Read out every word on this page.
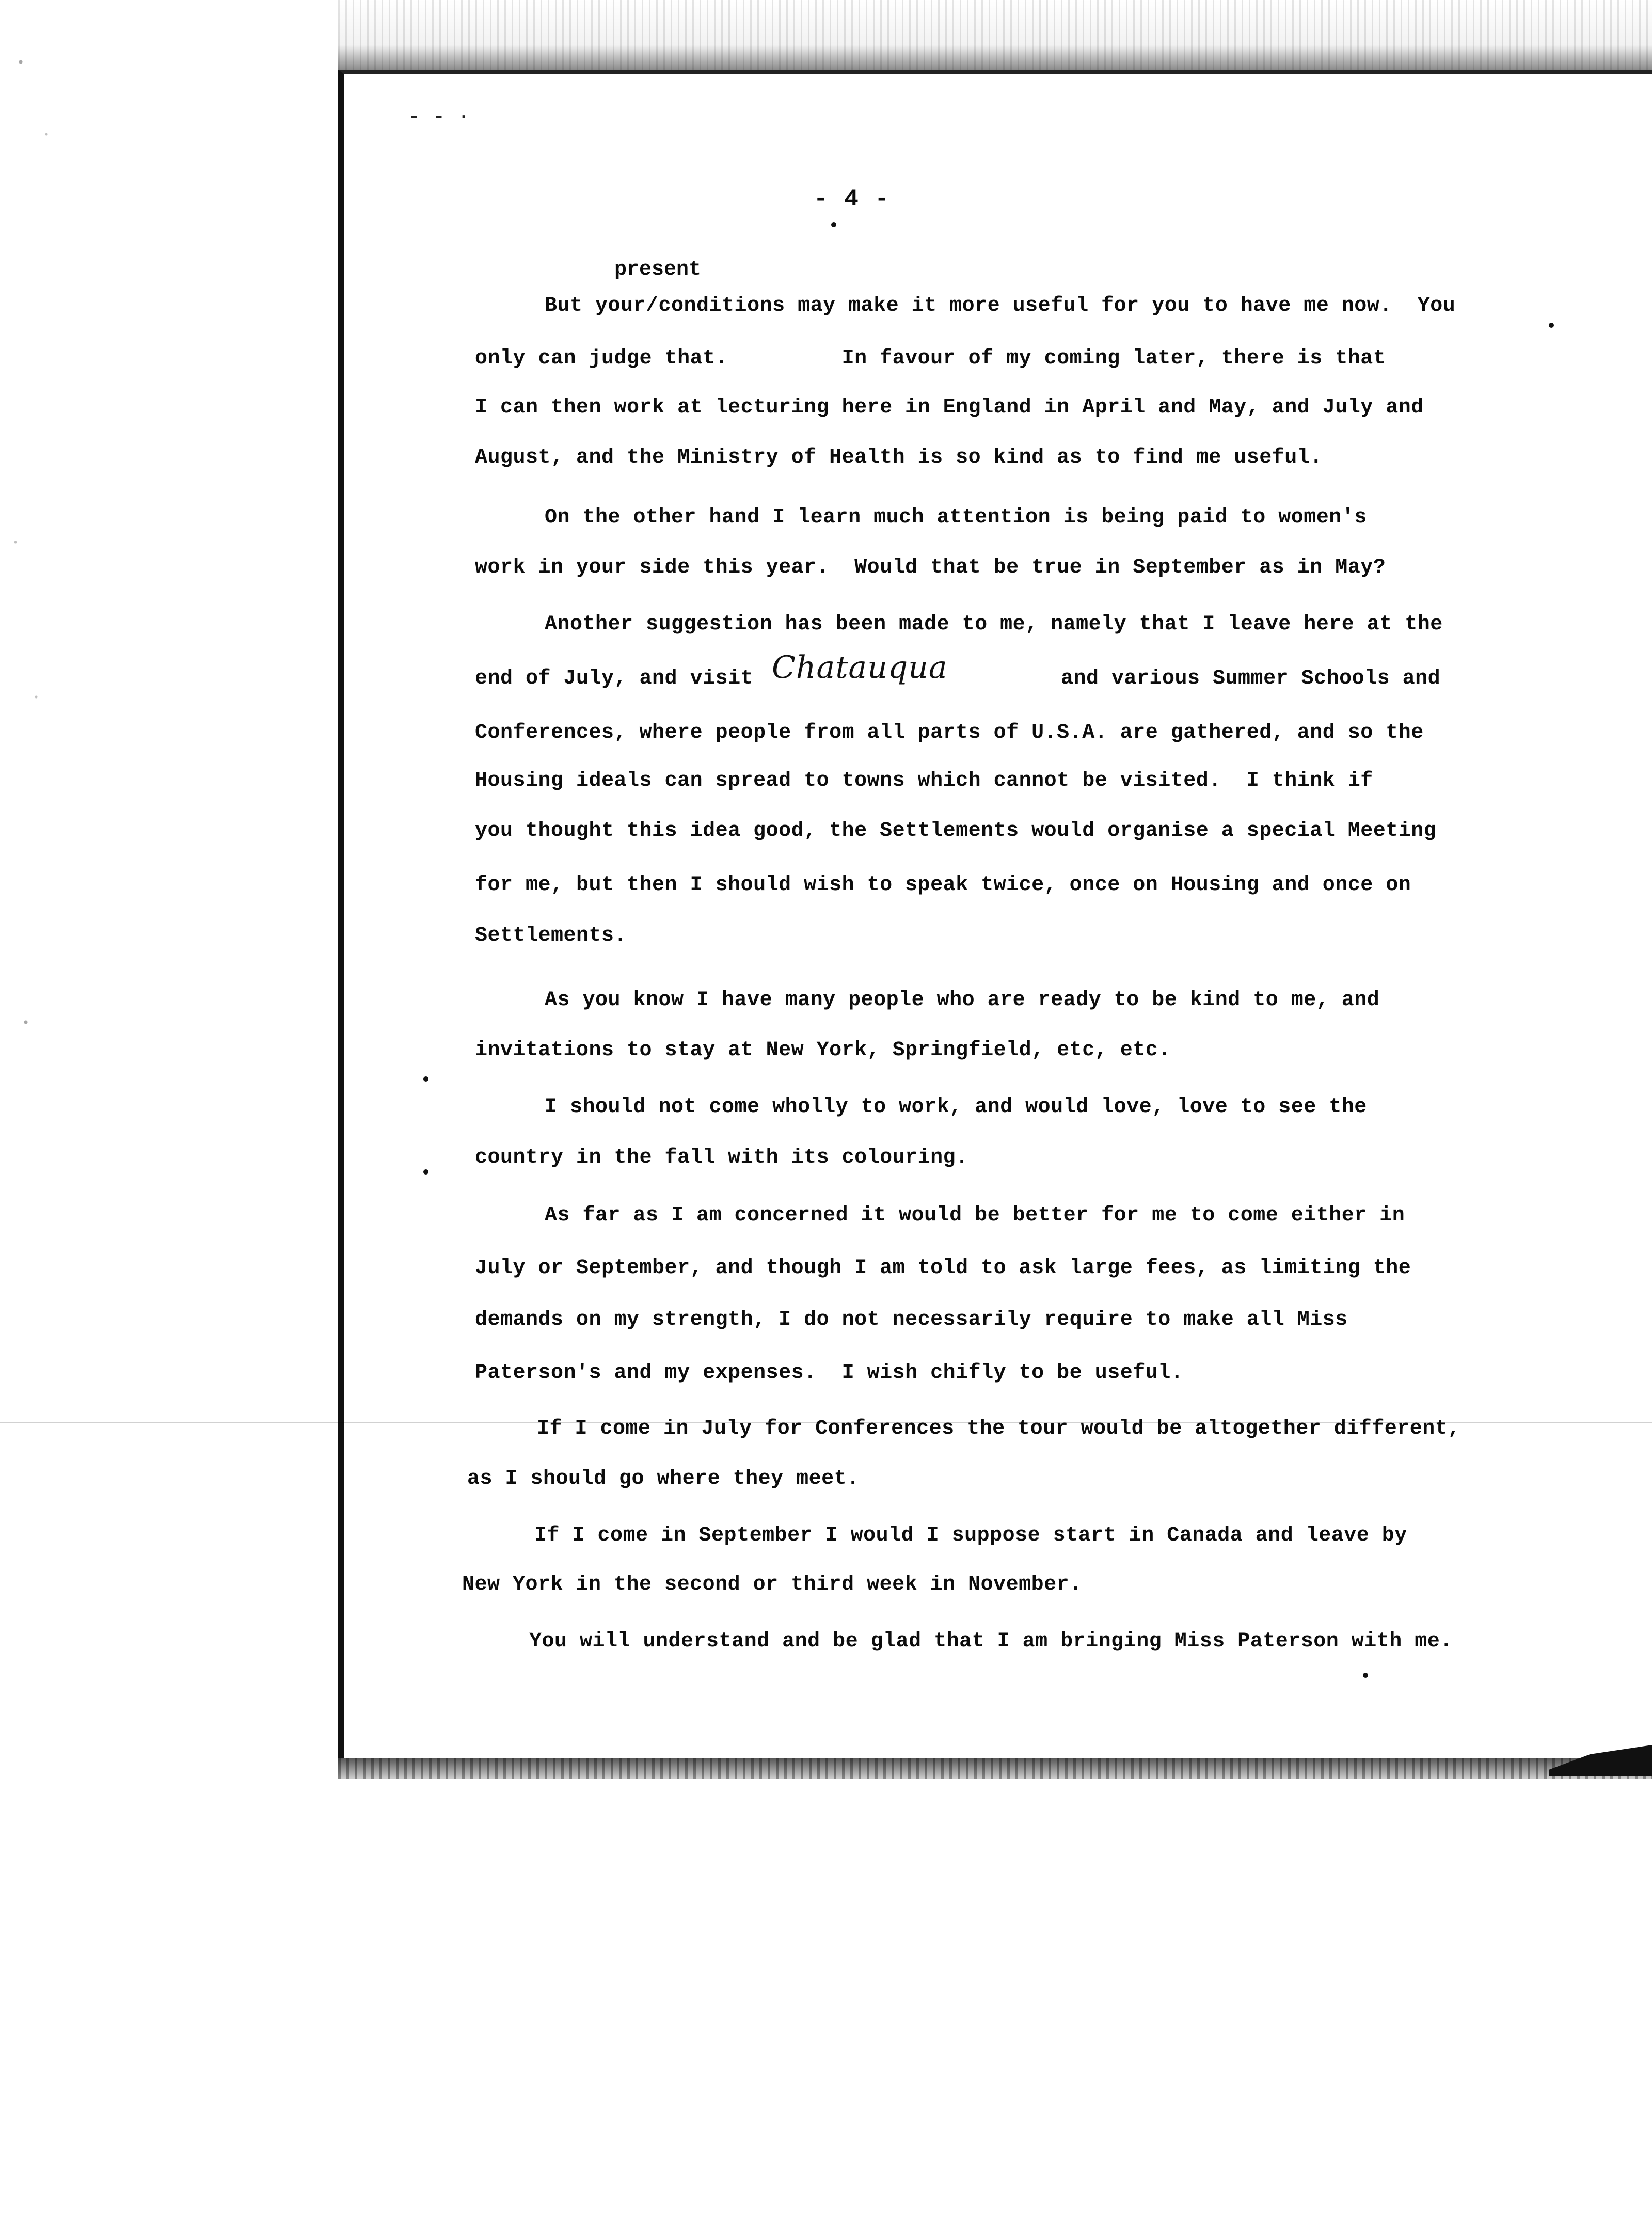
- - ·
- 4 -
present
But your/conditions may make it more useful for you to have me now.  You
only can judge that.         In favour of my coming later, there is that
I can then work at lecturing here in England in April and May, and July and
August, and the Ministry of Health is so kind as to find me useful.
On the other hand I learn much attention is being paid to women's
work in your side this year.  Would that be true in September as in May?
Another suggestion has been made to me, namely that I leave here at the
end of July, and visit Chatauqua	and various Summer Schools and
Conferences, where people from all parts of U.S.A. are gathered, and so the
Housing ideals can spread to towns which cannot be visited.  I think if
you thought this idea good, the Settlements would organise a special Meeting
for me, but then I should wish to speak twice, once on Housing and once on
Settlements.
As you know I have many people who are ready to be kind to me, and
invitations to stay at New York, Springfield, etc, etc.
I should not come wholly to work, and would love, love to see the
country in the fall with its colouring.
As far as I am concerned it would be better for me to come either in
July or September, and though I am told to ask large fees, as limiting the
demands on my strength, I do not necessarily require to make all Miss
Paterson's and my expenses.  I wish chifly to be useful.
If I come in July for Conferences the tour would be altogether different,
as I should go where they meet.
If I come in September I would I suppose start in Canada and leave by
New York in the second or third week in November.
You will understand and be glad that I am bringing Miss Paterson with me.
